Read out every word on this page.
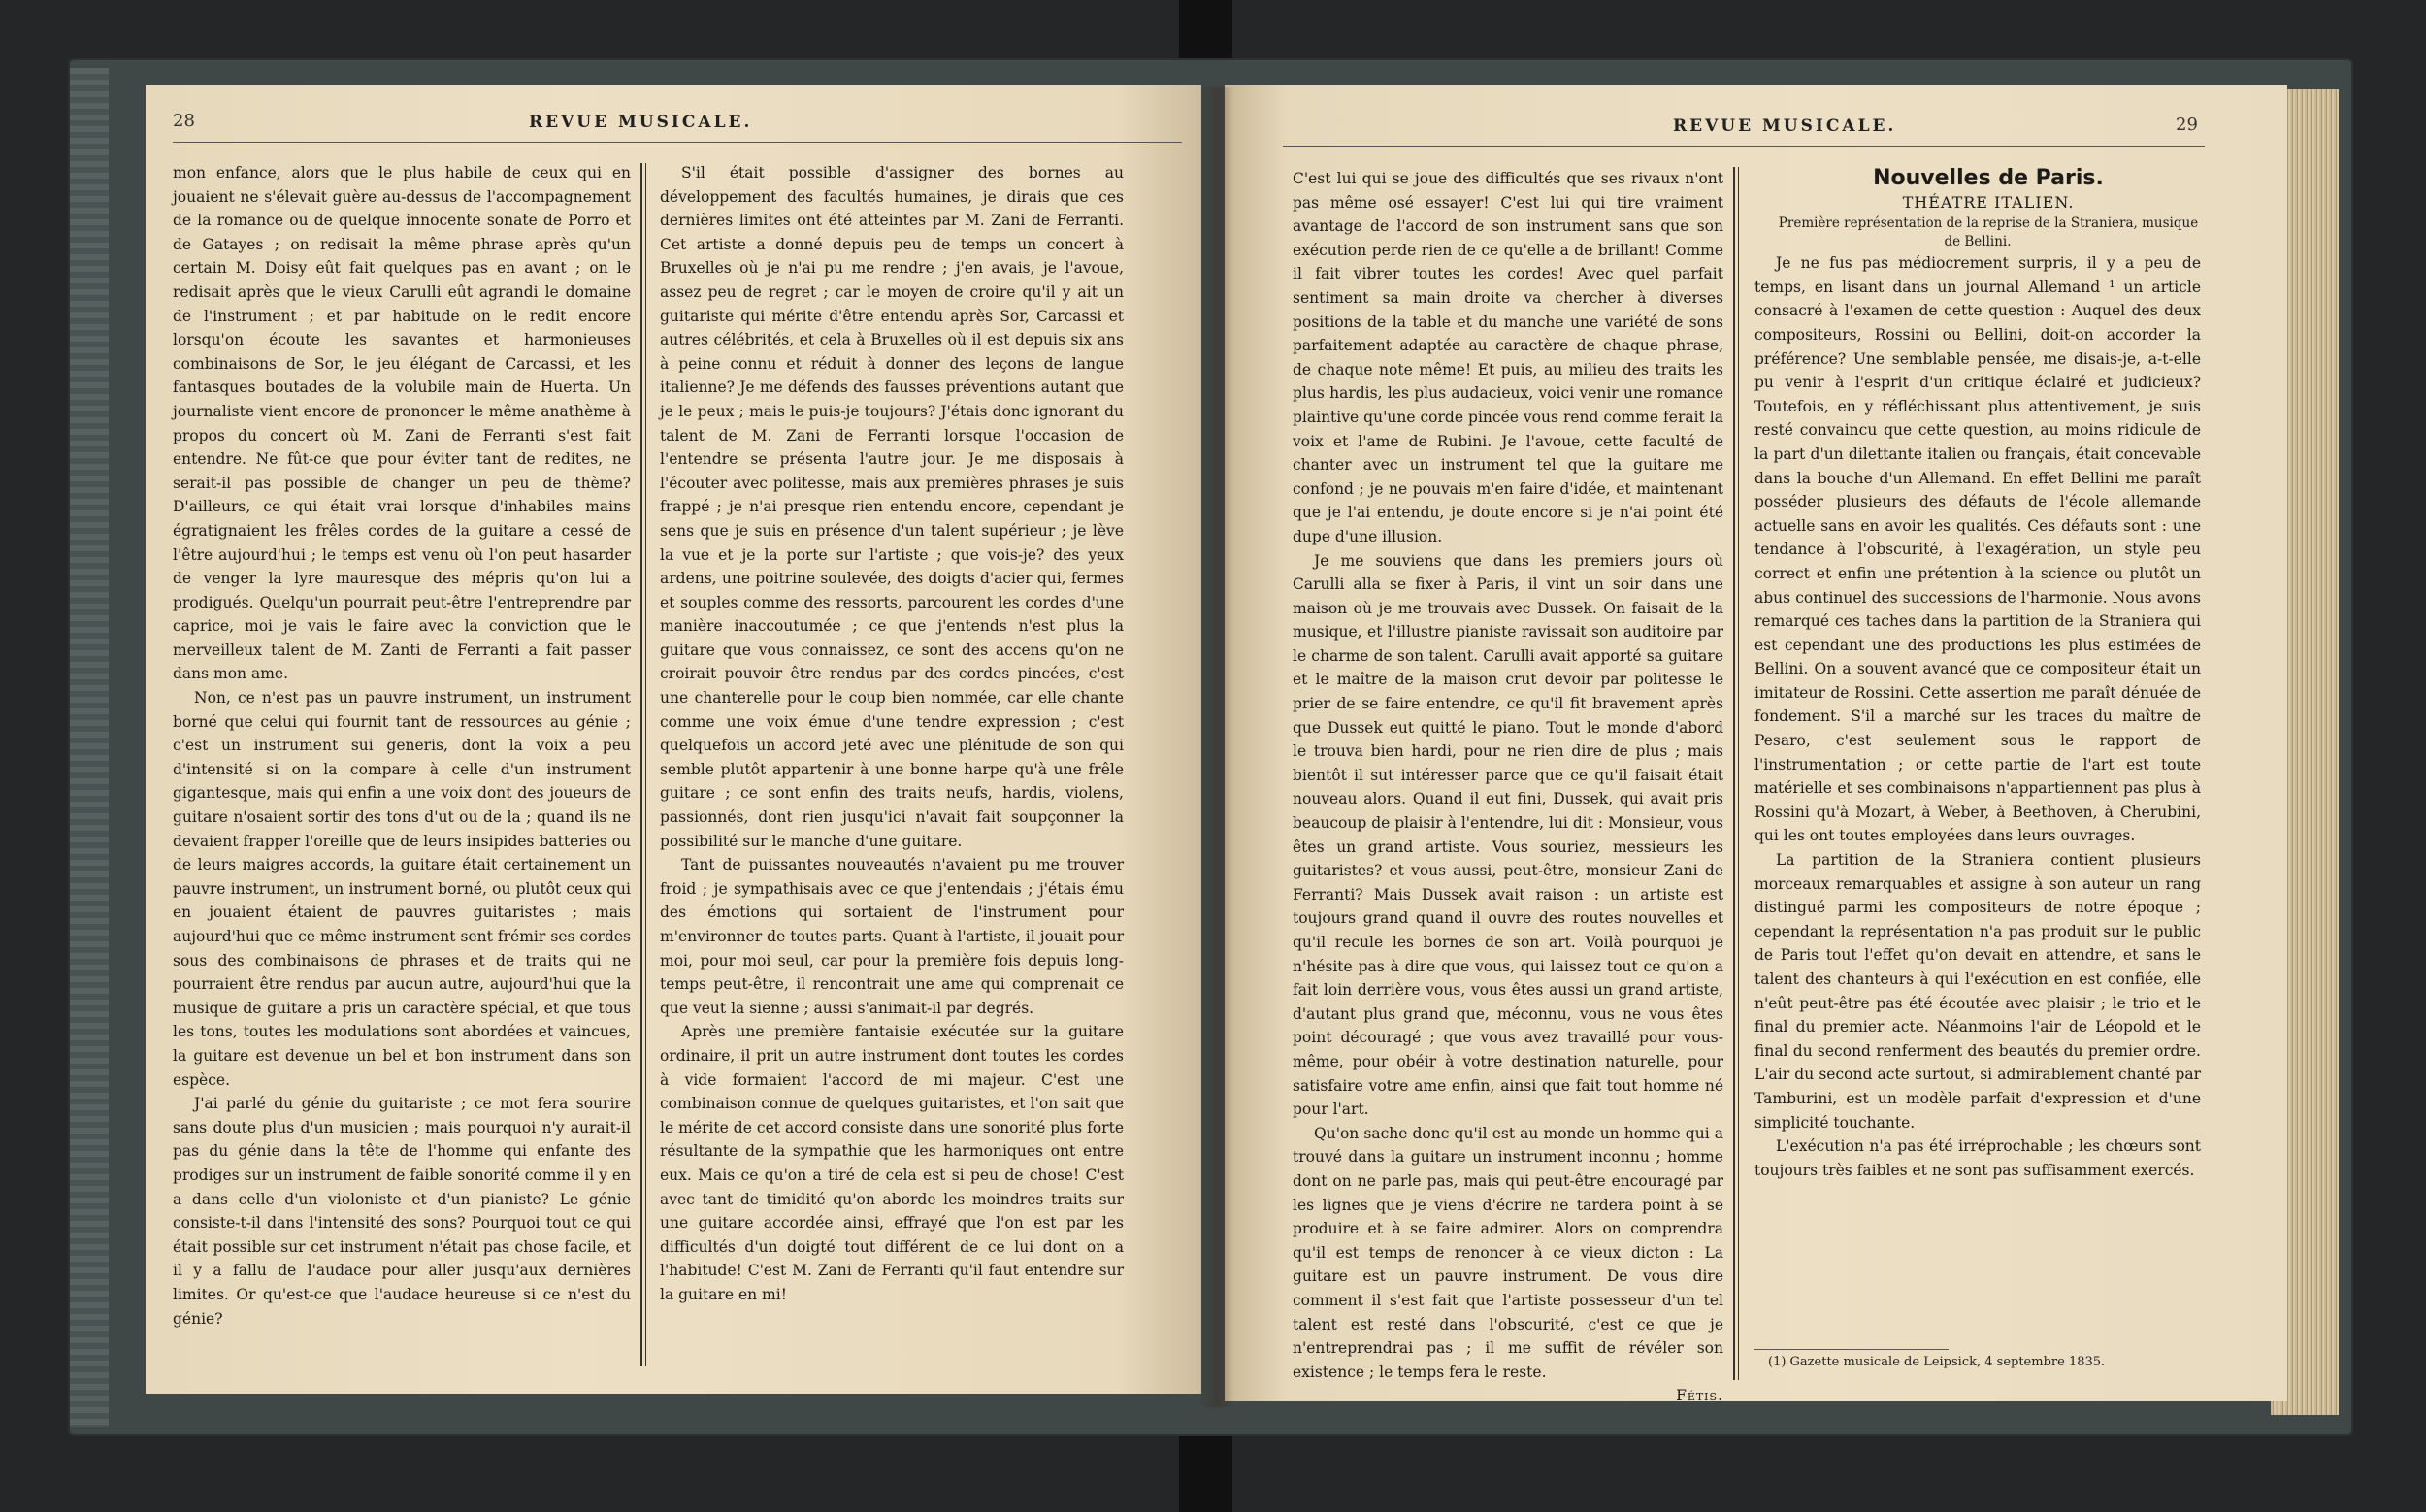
28	REVUE MUSICALE.

mon enfance, alors que le plus habile de ceux qui en jouaient ne s'élevait guère au-dessus de l'accompagnement de la romance ou de quelque innocente sonate de Porro et de Gatayes ; on redisait la même phrase après qu'un certain M. Doisy eût fait quelques pas en avant ; on le redisait après que le vieux Carulli eût agrandi le domaine de l'instrument ; et par habitude on le redit encore lorsqu'on écoute les savantes et harmonieuses combinaisons de Sor, le jeu élégant de Carcassi, et les fantasques boutades de la volubile main de Huerta. Un journaliste vient encore de prononcer le même anathème à propos du concert où M. Zani de Ferranti s'est fait entendre. Ne fût-ce que pour éviter tant de redites, ne serait-il pas possible de changer un peu de thème? D'ailleurs, ce qui était vrai lorsque d'inhabiles mains égratignaient les frêles cordes de la guitare a cessé de l'être aujourd'hui ; le temps est venu où l'on peut hasarder de venger la lyre mauresque des mépris qu'on lui a prodigués. Quelqu'un pourrait peut-être l'entreprendre par caprice, moi je vais le faire avec la conviction que le merveilleux talent de M. Zanti de Ferranti a fait passer dans mon ame.

Non, ce n'est pas un pauvre instrument, un instrument borné que celui qui fournit tant de ressources au génie ; c'est un instrument sui generis, dont la voix a peu d'intensité si on la compare à celle d'un instrument gigantesque, mais qui enfin a une voix dont des joueurs de guitare n'osaient sortir des tons d'ut ou de la ; quand ils ne devaient frapper l'oreille que de leurs insipides batteries ou de leurs maigres accords, la guitare était certainement un pauvre instrument, un instrument borné, ou plutôt ceux qui en jouaient étaient de pauvres guitaristes ; mais aujourd'hui que ce même instrument sent frémir ses cordes sous des combinaisons de phrases et de traits qui ne pourraient être rendus par aucun autre, aujourd'hui que la musique de guitare a pris un caractère spécial, et que tous les tons, toutes les modulations sont abordées et vaincues, la guitare est devenue un bel et bon instrument dans son espèce.

J'ai parlé du génie du guitariste ; ce mot fera sourire sans doute plus d'un musicien ; mais pourquoi n'y aurait-il pas du génie dans la tête de l'homme qui enfante des prodiges sur un instrument de faible sonorité comme il y en a dans celle d'un violoniste et d'un pianiste? Le génie consiste-t-il dans l'intensité des sons? Pourquoi tout ce qui était possible sur cet instrument n'était pas chose facile, et il y a fallu de l'audace pour aller jusqu'aux dernières limites. Or qu'est-ce que l'audace heureuse si ce n'est du génie?

S'il était possible d'assigner des bornes au développement des facultés humaines, je dirais que ces dernières limites ont été atteintes par M. Zani de Ferranti. Cet artiste a donné depuis peu de temps un concert à Bruxelles où je n'ai pu me rendre ; j'en avais, je l'avoue, assez peu de regret ; car le moyen de croire qu'il y ait un guitariste qui mérite d'être entendu après Sor, Carcassi et autres célébrités, et cela à Bruxelles où il est depuis six ans à peine connu et réduit à donner des leçons de langue italienne? Je me défends des fausses préventions autant que je le peux ; mais le puis-je toujours? J'étais donc ignorant du talent de M. Zani de Ferranti lorsque l'occasion de l'entendre se présenta l'autre jour. Je me disposais à l'écouter avec politesse, mais aux premières phrases je suis frappé ; je n'ai presque rien entendu encore, cependant je sens que je suis en présence d'un talent supérieur ; je lève la vue et je la porte sur l'artiste ; que vois-je? des yeux ardens, une poitrine soulevée, des doigts d'acier qui, fermes et souples comme des ressorts, parcourent les cordes d'une manière inaccoutumée ; ce que j'entends n'est plus la guitare que vous connaissez, ce sont des accens qu'on ne croirait pouvoir être rendus par des cordes pincées, c'est une chanterelle pour le coup bien nommée, car elle chante comme une voix émue d'une tendre expression ; c'est quelquefois un accord jeté avec une plénitude de son qui semble plutôt appartenir à une bonne harpe qu'à une frêle guitare ; ce sont enfin des traits neufs, hardis, violens, passionnés, dont rien jusqu'ici n'avait fait soupçonner la possibilité sur le manche d'une guitare.

Tant de puissantes nouveautés n'avaient pu me trouver froid ; je sympathisais avec ce que j'entendais ; j'étais ému des émotions qui sortaient de l'instrument pour m'environner de toutes parts. Quant à l'artiste, il jouait pour moi, pour moi seul, car pour la première fois depuis long-temps peut-être, il rencontrait une ame qui comprenait ce que veut la sienne ; aussi s'animait-il par degrés.

Après une première fantaisie exécutée sur la guitare ordinaire, il prit un autre instrument dont toutes les cordes à vide formaient l'accord de mi majeur. C'est une combinaison connue de quelques guitaristes, et l'on sait que le mérite de cet accord consiste dans une sonorité plus forte résultante de la sympathie que les harmoniques ont entre eux. Mais ce qu'on a tiré de cela est si peu de chose! C'est avec tant de timidité qu'on aborde les moindres traits sur une guitare accordée ainsi, effrayé que l'on est par les difficultés d'un doigté tout différent de ce lui dont on a l'habitude! C'est M. Zani de Ferranti qu'il faut entendre sur la guitare en mi!

REVUE MUSICALE.	29

C'est lui qui se joue des difficultés que ses rivaux n'ont pas même osé essayer! C'est lui qui tire vraiment avantage de l'accord de son instrument sans que son exécution perde rien de ce qu'elle a de brillant! Comme il fait vibrer toutes les cordes! Avec quel parfait sentiment sa main droite va chercher à diverses positions de la table et du manche une variété de sons parfaitement adaptée au caractère de chaque phrase, de chaque note même! Et puis, au milieu des traits les plus hardis, les plus audacieux, voici venir une romance plaintive qu'une corde pincée vous rend comme ferait la voix et l'ame de Rubini. Je l'avoue, cette faculté de chanter avec un instrument tel que la guitare me confond ; je ne pouvais m'en faire d'idée, et maintenant que je l'ai entendu, je doute encore si je n'ai point été dupe d'une illusion.

Je me souviens que dans les premiers jours où Carulli alla se fixer à Paris, il vint un soir dans une maison où je me trouvais avec Dussek. On faisait de la musique, et l'illustre pianiste ravissait son auditoire par le charme de son talent. Carulli avait apporté sa guitare et le maître de la maison crut devoir par politesse le prier de se faire entendre, ce qu'il fit bravement après que Dussek eut quitté le piano. Tout le monde d'abord le trouva bien hardi, pour ne rien dire de plus ; mais bientôt il sut intéresser parce que ce qu'il faisait était nouveau alors. Quand il eut fini, Dussek, qui avait pris beaucoup de plaisir à l'entendre, lui dit : Monsieur, vous êtes un grand artiste. Vous souriez, messieurs les guitaristes? et vous aussi, peut-être, monsieur Zani de Ferranti? Mais Dussek avait raison : un artiste est toujours grand quand il ouvre des routes nouvelles et qu'il recule les bornes de son art. Voilà pourquoi je n'hésite pas à dire que vous, qui laissez tout ce qu'on a fait loin derrière vous, vous êtes aussi un grand artiste, d'autant plus grand que, méconnu, vous ne vous êtes point découragé ; que vous avez travaillé pour vous-même, pour obéir à votre destination naturelle, pour satisfaire votre ame enfin, ainsi que fait tout homme né pour l'art.

Qu'on sache donc qu'il est au monde un homme qui a trouvé dans la guitare un instrument inconnu ; homme dont on ne parle pas, mais qui peut-être encouragé par les lignes que je viens d'écrire ne tardera point à se produire et à se faire admirer. Alors on comprendra qu'il est temps de renoncer à ce vieux dicton : La guitare est un pauvre instrument. De vous dire comment il s'est fait que l'artiste possesseur d'un tel talent est resté dans l'obscurité, c'est ce que je n'entreprendrai pas ; il me suffit de révéler son existence ; le temps fera le reste.

Fétis.

Nouvelles de Paris.

THÉATRE ITALIEN.

Première représentation de la reprise de la Straniera, musique de Bellini.

Je ne fus pas médiocrement surpris, il y a peu de temps, en lisant dans un journal Allemand ¹ un article consacré à l'examen de cette question : Auquel des deux compositeurs, Rossini ou Bellini, doit-on accorder la préférence? Une semblable pensée, me disais-je, a-t-elle pu venir à l'esprit d'un critique éclairé et judicieux? Toutefois, en y réfléchissant plus attentivement, je suis resté convaincu que cette question, au moins ridicule de la part d'un dilettante italien ou français, était concevable dans la bouche d'un Allemand. En effet Bellini me paraît posséder plusieurs des défauts de l'école allemande actuelle sans en avoir les qualités. Ces défauts sont : une tendance à l'obscurité, à l'exagération, un style peu correct et enfin une prétention à la science ou plutôt un abus continuel des successions de l'harmonie. Nous avons remarqué ces taches dans la partition de la Straniera qui est cependant une des productions les plus estimées de Bellini. On a souvent avancé que ce compositeur était un imitateur de Rossini. Cette assertion me paraît dénuée de fondement. S'il a marché sur les traces du maître de Pesaro, c'est seulement sous le rapport de l'instrumentation ; or cette partie de l'art est toute matérielle et ses combinaisons n'appartiennent pas plus à Rossini qu'à Mozart, à Weber, à Beethoven, à Cherubini, qui les ont toutes employées dans leurs ouvrages.

La partition de la Straniera contient plusieurs morceaux remarquables et assigne à son auteur un rang distingué parmi les compositeurs de notre époque ; cependant la représentation n'a pas produit sur le public de Paris tout l'effet qu'on devait en attendre, et sans le talent des chanteurs à qui l'exécution en est confiée, elle n'eût peut-être pas été écoutée avec plaisir ; le trio et le final du premier acte. Néanmoins l'air de Léopold et le final du second renferment des beautés du premier ordre. L'air du second acte surtout, si admirablement chanté par Tamburini, est un modèle parfait d'expression et d'une simplicité touchante.

L'exécution n'a pas été irréprochable ; les chœurs sont toujours très faibles et ne sont pas suffisamment exercés.

(1) Gazette musicale de Leipsick, 4 septembre 1835.
